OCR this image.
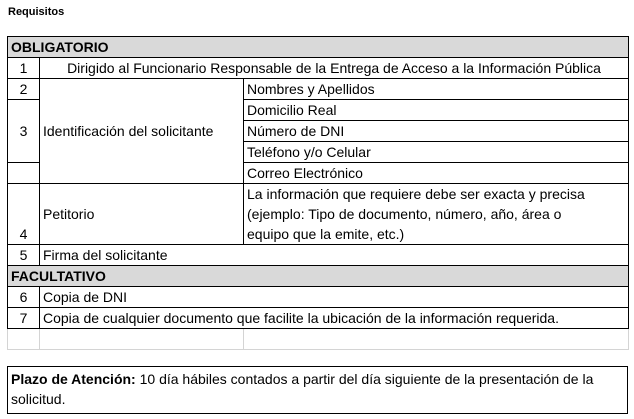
Requisitos
OBLIGATORIO		
1	Dirigido al Funcionario Responsable de la Entrega de Acceso a la Información Pública	
2	Identificación del solicitante	Nombres y Apellidos
3		Domicilio Real
		Número de DNI
		Teléfono y/o Celular
		Correo Electrónico
4	Petitorio	La información que requiere debe ser exacta y precisa
(ejemplo: Tipo de documento, número, año, área o
equipo que la emite, etc.)

5	Firma del solicitante	
FACULTATIVO		
6	Copia de DNI	
7	Copia de cualquier documento que facilite la ubicación de la información requerida.	

Plazo de Atención: 10 día hábiles contados a partir del día siguiente de la presentación de la solicitud.
